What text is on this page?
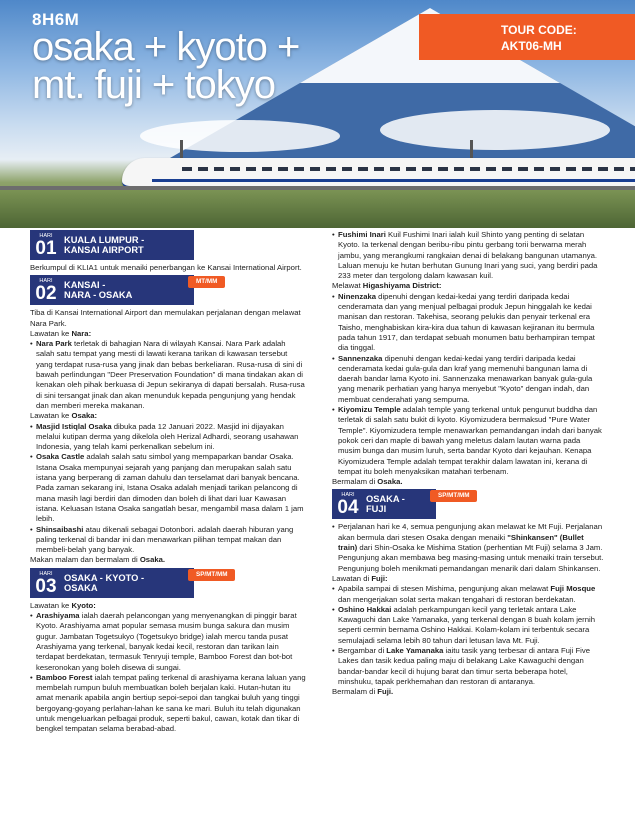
8H6M
osaka + kyoto +
mt. fuji + tokyo
TOUR CODE:
AKT06-MH
HARI
01 KUALA LUMPUR -
KANSAI AIRPORT

Berkumpul di KLIA1 untuk menaiki penerbangan ke Kansai International Airport.

HARI
02 KANSAI -
NARA - OSAKA
MT/MM

Tiba di Kansai International Airport dan memulakan perjalanan dengan melawat Nara Park.

Lawatan ke Nara:

• Nara Park terletak di bahagian Nara di wilayah Kansai. Nara Park adalah salah satu tempat yang mesti di lawati kerana tarikan di kawasan tersebut yang terdapat rusa-rusa yang jinak dan bebas berkeliaran. Rusa-rusa di sini di bawah perlindungan "Deer Preservation Foundation" di mana tindakan akan di kenakan oleh pihak berkuasa di Jepun sekiranya di dapati bersalah. Rusa-rusa di sini tersangat jinak dan akan menunduk kepada pengunjung yang hendak dan memberi mereka makanan.

Lawatan ke Osaka:

• Masjid Istiqlal Osaka dibuka pada 12 Januari 2022. Masjid ini dijayakan melalui kutipan derma yang dikelola oleh Herizal Adhardi, seorang usahawan Indonesia, yang telah kami perkenalkan sebelum ini.

• Osaka Castle adalah salah satu simbol yang mempaparkan bandar Osaka. Istana Osaka mempunyai sejarah yang panjang dan merupakan salah satu istana yang berperang di zaman dahulu dan terselamat dari banyak bencana. Pada zaman sekarang ini, Istana Osaka adalah menjadi tarikan pelancong di mana masih lagi berdiri dan dimoden dan boleh di lihat dari luar Kawasan istana. Keluasan Istana Osaka sangatlah besar, mengambil masa dalam 1 jam lebih.

• Shinsaibashi atau dikenali sebagai Dotonbori. adalah daerah hiburan yang paling terkenal di bandar ini dan menawarkan pilihan tempat makan dan membeli-belah yang banyak.

Makan malam dan bermalam di Osaka.

HARI
03 OSAKA - KYOTO -
OSAKA
SP/MT/MM

Lawatan ke Kyoto:

• Arashiyama ialah daerah pelancongan yang menyenangkan di pinggir barat Kyoto. Arashiyama amat popular semasa musim bunga sakura dan musim gugur. Jambatan Togetsukyo (Togetsukyo bridge) ialah mercu tanda pusat Arashiyama yang terkenal, banyak kedai kecil, restoran dan tarikan lain terdapat berdekatan, termasuk Tenryuji temple, Bamboo Forest dan bot-bot keseronokan yang boleh disewa di sungai.

• Bamboo Forest ialah tempat paling terkenal di arashiyama kerana laluan yang membelah rumpun buluh membuatkan boleh berjalan kaki. Hutan-hutan itu amat menarik apabila angin bertiup sepoi-sepoi dan tangkai buluh yang tinggi bergoyang-goyang perlahan-lahan ke sana ke mari. Buluh itu telah digunakan untuk mengeluarkan pelbagai produk, seperti bakul, cawan, kotak dan tikar di bengkel tempatan selama berabad-abad.

• Fushimi Inari Kuil Fushimi Inari ialah kuil Shinto yang penting di selatan Kyoto. Ia terkenal dengan beribu-ribu pintu gerbang torii berwarna merah jambu, yang merangkumi rangkaian denai di belakang bangunan utamanya. Laluan menuju ke hutan berhutan Gunung Inari yang suci, yang berdiri pada 233 meter dan tergolong dalam kawasan kuil.

Melawat Higashiyama District:

• Ninenzaka dipenuhi dengan kedai-kedai yang terdiri daripada kedai cenderamata dan yang menjual pelbagai produk Jepun hinggalah ke kedai manisan dan restoran. Takehisa, seorang pelukis dan penyair terkenal era Taisho, menghabiskan kira-kira dua tahun di kawasan kejiranan itu bermula pada tahun 1917, dan terdapat sebuah monumen batu berhampiran tempat dia tinggal.

• Sannenzaka dipenuhi dengan kedai-kedai yang terdiri daripada kedai cenderamata kedai gula-gula dan kraf yang memenuhi bangunan lama di daerah bandar lama Kyoto ini. Sannenzaka menawarkan banyak gula-gula yang menarik perhatian yang hanya menyebut "Kyoto" dengan indah, dan membuat cenderahati yang sempurna.

• Kiyomizu Temple adalah temple yang terkenal untuk pengunut buddha dan terletak di salah satu bukit di kyoto. Kiyomizudera bermaksud "Pure Water Temple". Kiyomizudera temple menawarkan pemandangan indah dari banyak pokok ceri dan maple di bawah yang meletus dalam lautan warna pada musim bunga dan musim luruh, serta bandar Kyoto dari kejauhan. Kenapa Kiyomizudera Temple adalah tempat terakhir dalam lawatan ini, kerana di tempat itu boleh menyaksikan matahari terbenam.

Bermalam di Osaka.

HARI
04 OSAKA -
FUJI
SP/MT/MM

• Perjalanan hari ke 4, semua pengunjung akan melawat ke Mt Fuji. Perjalanan akan bermula dari stesen Osaka dengan menaiki "Shinkansen" (Bullet train) dari Shin-Osaka ke Mishima Station (perhentian Mt Fuji) selama 3 Jam. Pengunjung akan membawa beg masing-masing untuk menaiki train tersebut. Pengunjung boleh menikmati pemandangan menarik dari dalam Shinkansen.

Lawatan di Fuji:

• Apabila sampai di stesen Mishima, pengunjung akan melawat Fuji Mosque dan mengerjakan solat serta makan tengahari di restoran berdekatan.

• Oshino Hakkai adalah perkampungan kecil yang terletak antara Lake Kawaguchi dan Lake Yamanaka, yang terkenal dengan 8 buah kolam jernih seperti cermin bernama Oshino Hakkai. Kolam-kolam ini terbentuk secara semulajadi selama lebih 80 tahun dari letusan lava Mt. Fuji.

• Bergambar di Lake Yamanaka iaitu tasik yang terbesar di antara Fuji Five Lakes dan tasik kedua paling maju di belakang Lake Kawaguchi dengan bandar-bandar kecil di hujung barat dan timur serta beberapa hotel, minshuku, tapak perkhemahan dan restoran di antaranya.

Bermalam di Fuji.
